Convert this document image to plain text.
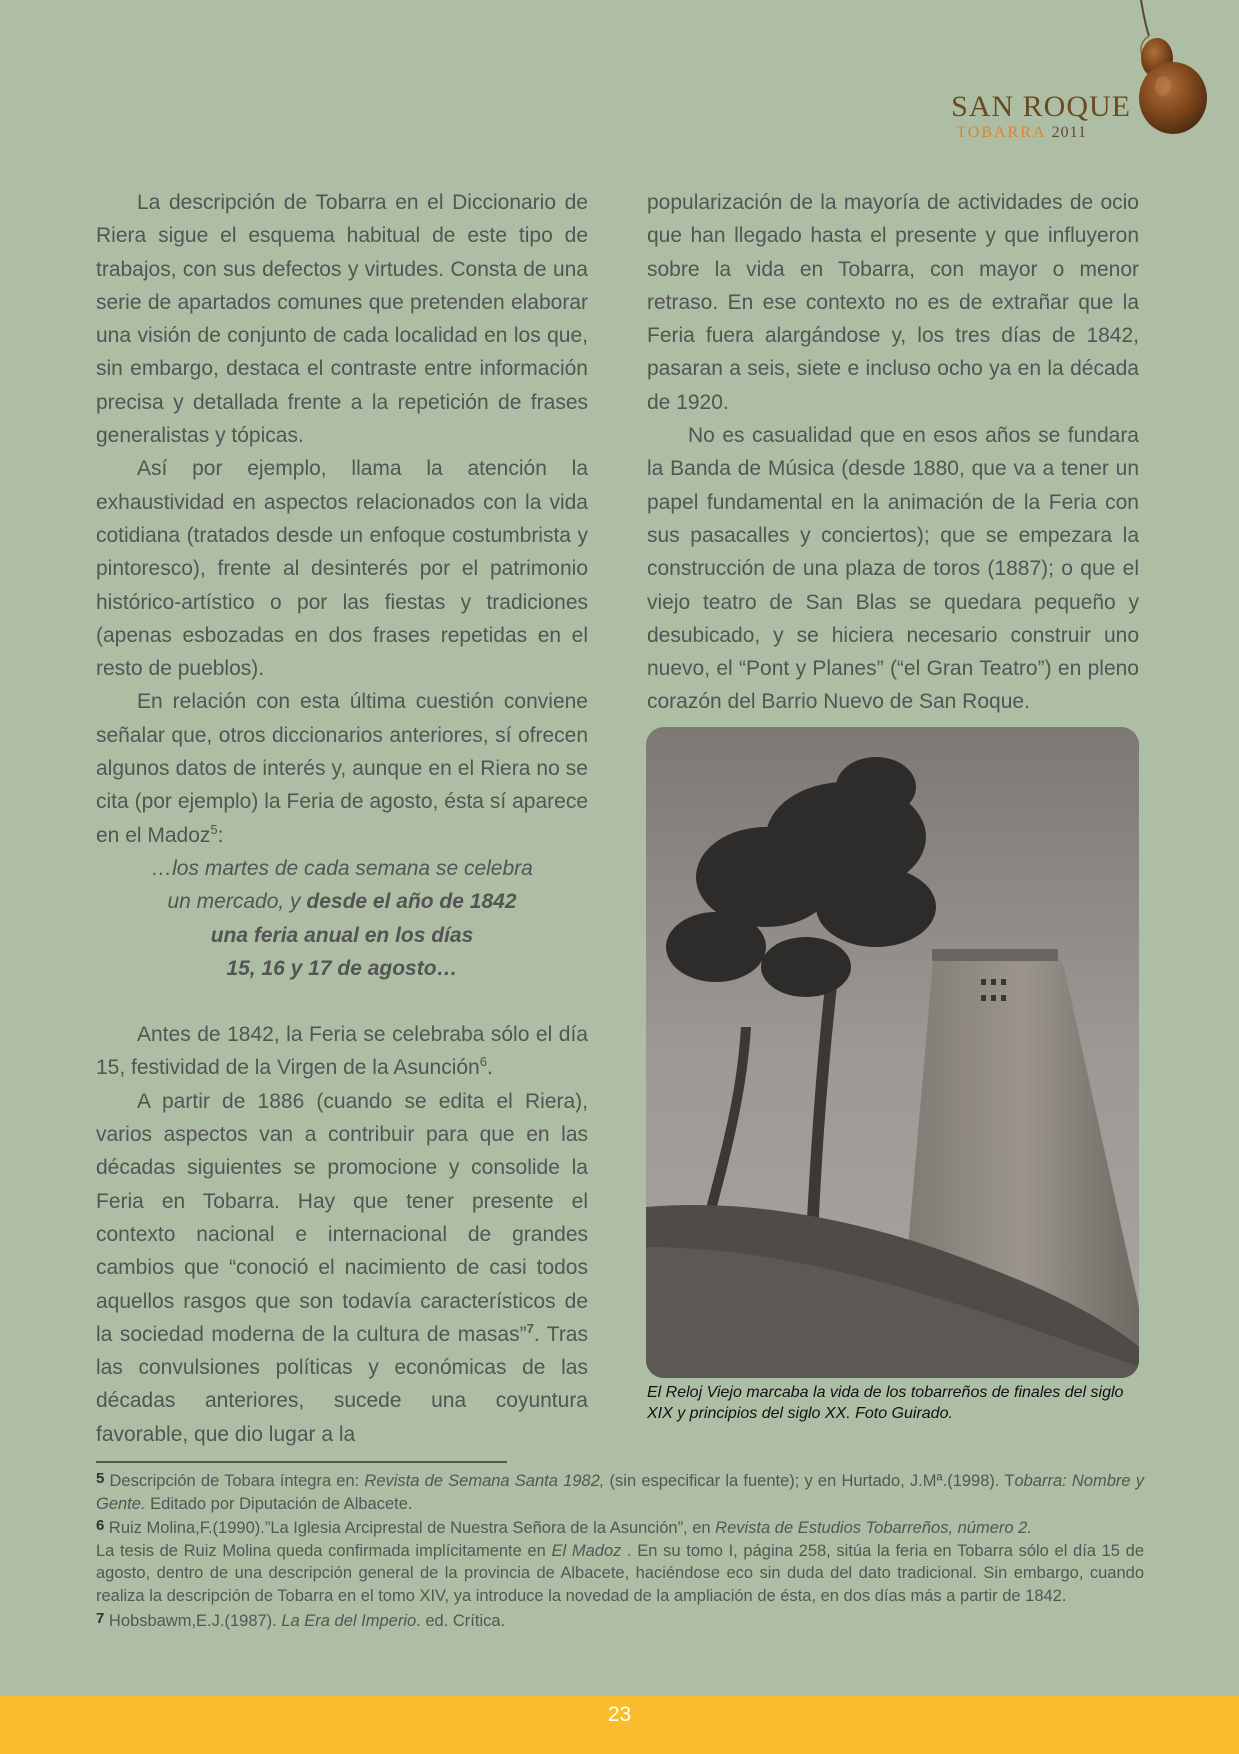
SAN ROQUE
TOBARRA 2011

La descripción de Tobarra en el Diccionario de Riera sigue el esquema habitual de este tipo de trabajos, con sus defectos y virtudes. Consta de una serie de apartados comunes que pretenden elaborar una visión de conjunto de cada localidad en los que, sin embargo, destaca el contraste entre información precisa y detallada frente a la repetición de frases generalistas y tópicas.

Así por ejemplo, llama la atención la exhaustividad en aspectos relacionados con la vida cotidiana (tratados desde un enfoque costumbrista y pintoresco), frente al desinterés por el patrimonio histórico-artístico o por las fiestas y tradiciones (apenas esbozadas en dos frases repetidas en el resto de pueblos).

En relación con esta última cuestión conviene señalar que, otros diccionarios anteriores, sí ofrecen algunos datos de interés y, aunque en el Riera no se cita (por ejemplo) la Feria de agosto, ésta sí aparece en el Madoz$^5$:

…los martes de cada semana se celebra
un mercado, y desde el año de 1842
una feria anual en los días
15, 16 y 17 de agosto…

Antes de 1842, la Feria se celebraba sólo el día 15, festividad de la Virgen de la Asunción$^6$.

A partir de 1886 (cuando se edita el Riera), varios aspectos van a contribuir para que en las décadas siguientes se promocione y consolide la Feria en Tobarra. Hay que tener presente el contexto nacional e internacional de grandes cambios que “conoció el nacimiento de casi todos aquellos rasgos que son todavía característicos de la sociedad moderna de la cultura de masas”$^7$. Tras las convulsiones políticas y económicas de las décadas anteriores, sucede una coyuntura favorable, que dio lugar a la

popularización de la mayoría de actividades de ocio que han llegado hasta el presente y que influyeron sobre la vida en Tobarra, con mayor o menor retraso. En ese contexto no es de extrañar que la Feria fuera alargándose y, los tres días de 1842, pasaran a seis, siete e incluso ocho ya en la década de 1920.

No es casualidad que en esos años se fundara la Banda de Música (desde 1880, que va a tener un papel fundamental en la animación de la Feria con sus pasacalles y conciertos); que se empezara la construcción de una plaza de toros (1887); o que el viejo teatro de San Blas se quedara pequeño y desubicado, y se hiciera necesario construir uno nuevo, el “Pont y Planes” (“el Gran Teatro”) en pleno corazón del Barrio Nuevo de San Roque.

El Reloj Viejo marcaba la vida de los tobarreños de finales del siglo XIX y principios del siglo XX. Foto Guirado.

5 Descripción de Tobara íntegra en: Revista de Semana Santa 1982, (sin especificar la fuente); y en Hurtado, J.Mª.(1998). Tobarra: Nombre y Gente. Editado por Diputación de Albacete.

6 Ruiz Molina,F.(1990).”La Iglesia Arciprestal de Nuestra Señora de la Asunción”, en Revista de Estudios Tobarreños, número 2.
La tesis de Ruiz Molina queda confirmada implícitamente en El Madoz . En su tomo I, página 258, sitúa la feria en Tobarra sólo el día 15 de agosto, dentro de una descripción general de la provincia de Albacete, haciéndose eco sin duda del dato tradicional. Sin embargo, cuando realiza la descripción de Tobarra en el tomo XIV, ya introduce la novedad de la ampliación de ésta, en dos días más a partir de 1842.

7 Hobsbawm,E.J.(1987). La Era del Imperio. ed. Crítica.

23
